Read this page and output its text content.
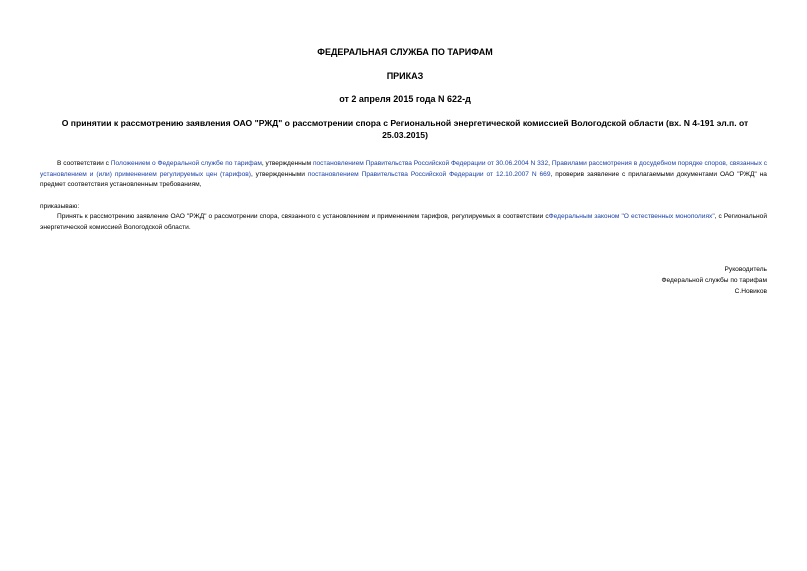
ФЕДЕРАЛЬНАЯ СЛУЖБА ПО ТАРИФАМ
ПРИКАЗ
от 2 апреля 2015 года N 622-д
О принятии к рассмотрению заявления ОАО "РЖД" о рассмотрении спора с Региональной энергетической комиссией Вологодской области (вх. N 4-191 эл.п. от 25.03.2015)
В соответствии с Положением о Федеральной службе по тарифам, утвержденным постановлением Правительства Российской Федерации от 30.06.2004 N 332, Правилами рассмотрения в досудебном порядке споров, связанных с установлением и (или) применением регулируемых цен (тарифов), утвержденными постановлением Правительства Российской Федерации от 12.10.2007 N 669, проверив заявление с прилагаемыми документами ОАО "РЖД" на предмет соответствия установленным требованиям,
приказываю:
Принять к рассмотрению заявление ОАО "РЖД" о рассмотрении спора, связанного с установлением и применением тарифов, регулируемых в соответствии сФедеральным законом "О естественных монополиях", с Региональной энергетической комиссией Вологодской области.
Руководитель
Федеральной службы по тарифам
С.Новиков
